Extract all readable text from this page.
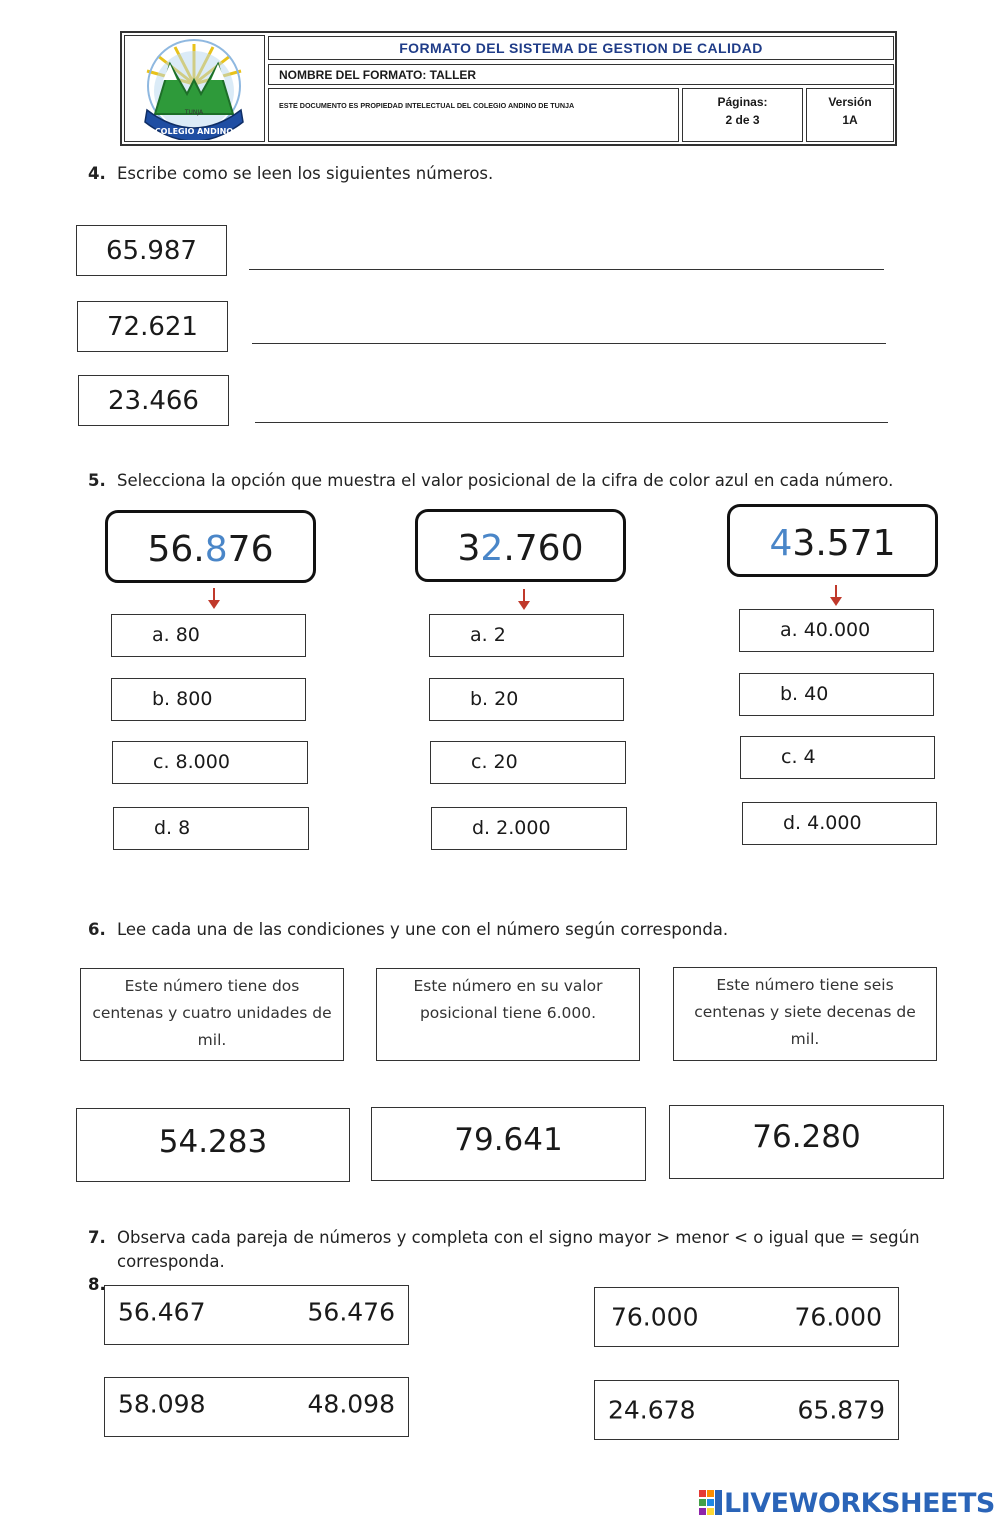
TUNJA
COLEGIO ANDINO
FORMATO DEL SISTEMA DE GESTION DE CALIDAD
NOMBRE DEL FORMATO: TALLER
ESTE DOCUMENTO ES PROPIEDAD INTELECTUAL DEL COLEGIO ANDINO DE TUNJA	Páginas:
2 de 3
Versión
1A
4. Escribe como se leen los siguientes números.
65.987
72.621
23.466
5. Selecciona la opción que muestra el valor posicional de la cifra de color azul en cada número.
56.876
a. 80
b. 800
c. 8.000
d. 8
32.760
a. 2
b. 20
c. 20
d. 2.000
43.571
a. 40.000
b. 40
c. 4
d. 4.000
6. Lee cada una de las condiciones y une con el número según corresponda.
Este número tiene dos centenas y cuatro unidades de mil.
Este número en su valor posicional tiene 6.000.
Este número tiene seis centenas y siete decenas de mil.
54.283	79.641	76.280
7. Observa cada pareja de números y completa con el signo mayor > menor < o igual que = según corresponda.
8.
56.467	56.476	76.000	76.000
58.098	48.098	24.678	65.879
LIVEWORKSHEETS
